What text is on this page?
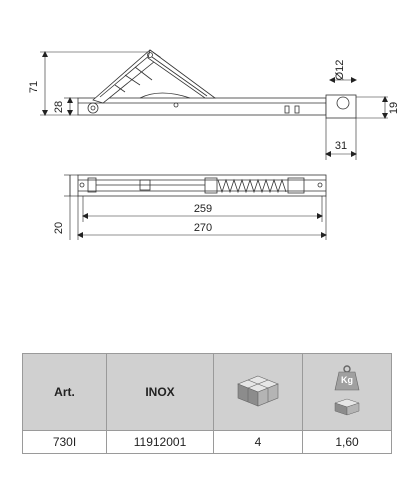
71
28
Ø12
19
31
20
259
270
Art.	INOX		Kg

730I	11912001	4	1,60
